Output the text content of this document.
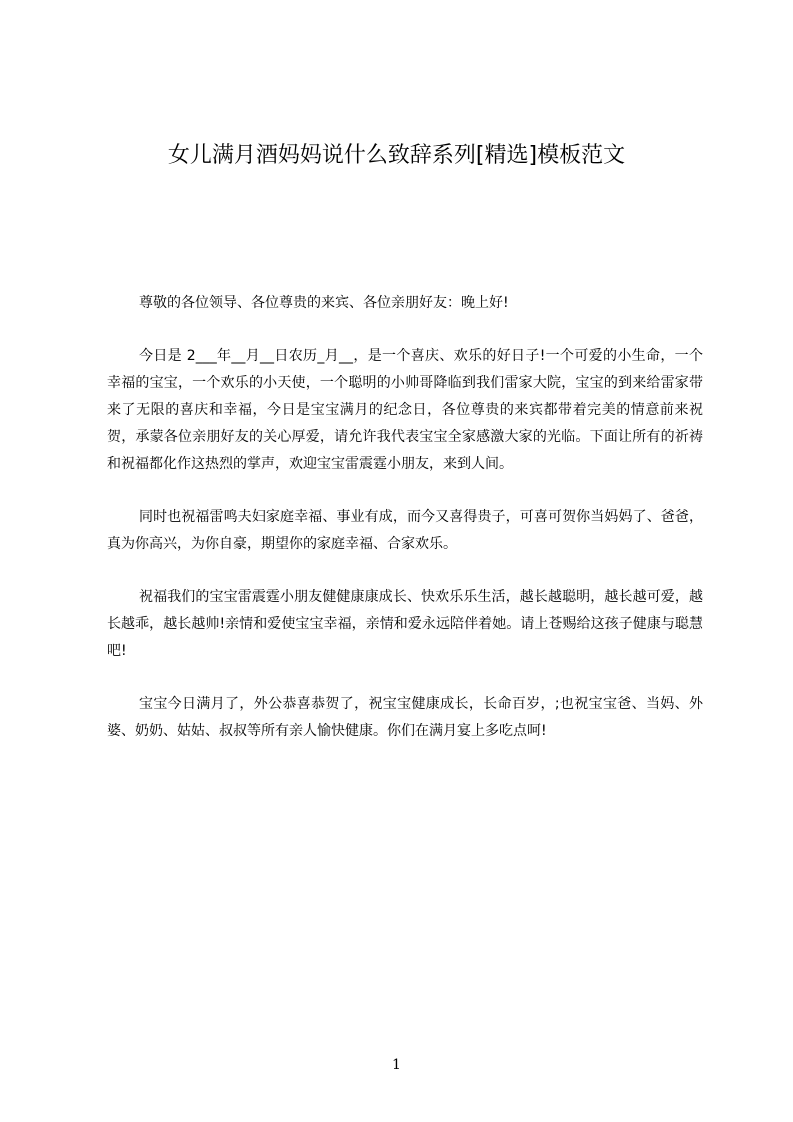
女儿满月酒妈妈说什么致辞系列[精选]模板范文

尊敬的各位领导、各位尊贵的来宾、各位亲朋好友：晚上好!

今日是 2___年__月__日农历_月__，是一个喜庆、欢乐的好日子!一个可爱的小生命，一个幸福的宝宝，一个欢乐的小天使，一个聪明的小帅哥降临到我们雷家大院，宝宝的到来给雷家带来了无限的喜庆和幸福，今日是宝宝满月的纪念日，各位尊贵的来宾都带着完美的情意前来祝贺，承蒙各位亲朋好友的关心厚爱，请允许我代表宝宝全家感激大家的光临。下面让所有的祈祷和祝福都化作这热烈的掌声，欢迎宝宝雷震霆小朋友，来到人间。

同时也祝福雷鸣夫妇家庭幸福、事业有成，而今又喜得贵子，可喜可贺你当妈妈了、爸爸，真为你高兴，为你自豪，期望你的家庭幸福、合家欢乐。

祝福我们的宝宝雷震霆小朋友健健康康成长、快欢乐乐生活，越长越聪明，越长越可爱，越长越乖，越长越帅!亲情和爱使宝宝幸福，亲情和爱永远陪伴着她。请上苍赐给这孩子健康与聪慧吧!

宝宝今日满月了，外公恭喜恭贺了，祝宝宝健康成长，长命百岁，;也祝宝宝爸、当妈、外婆、奶奶、姑姑、叔叔等所有亲人愉快健康。你们在满月宴上多吃点呵!

1
